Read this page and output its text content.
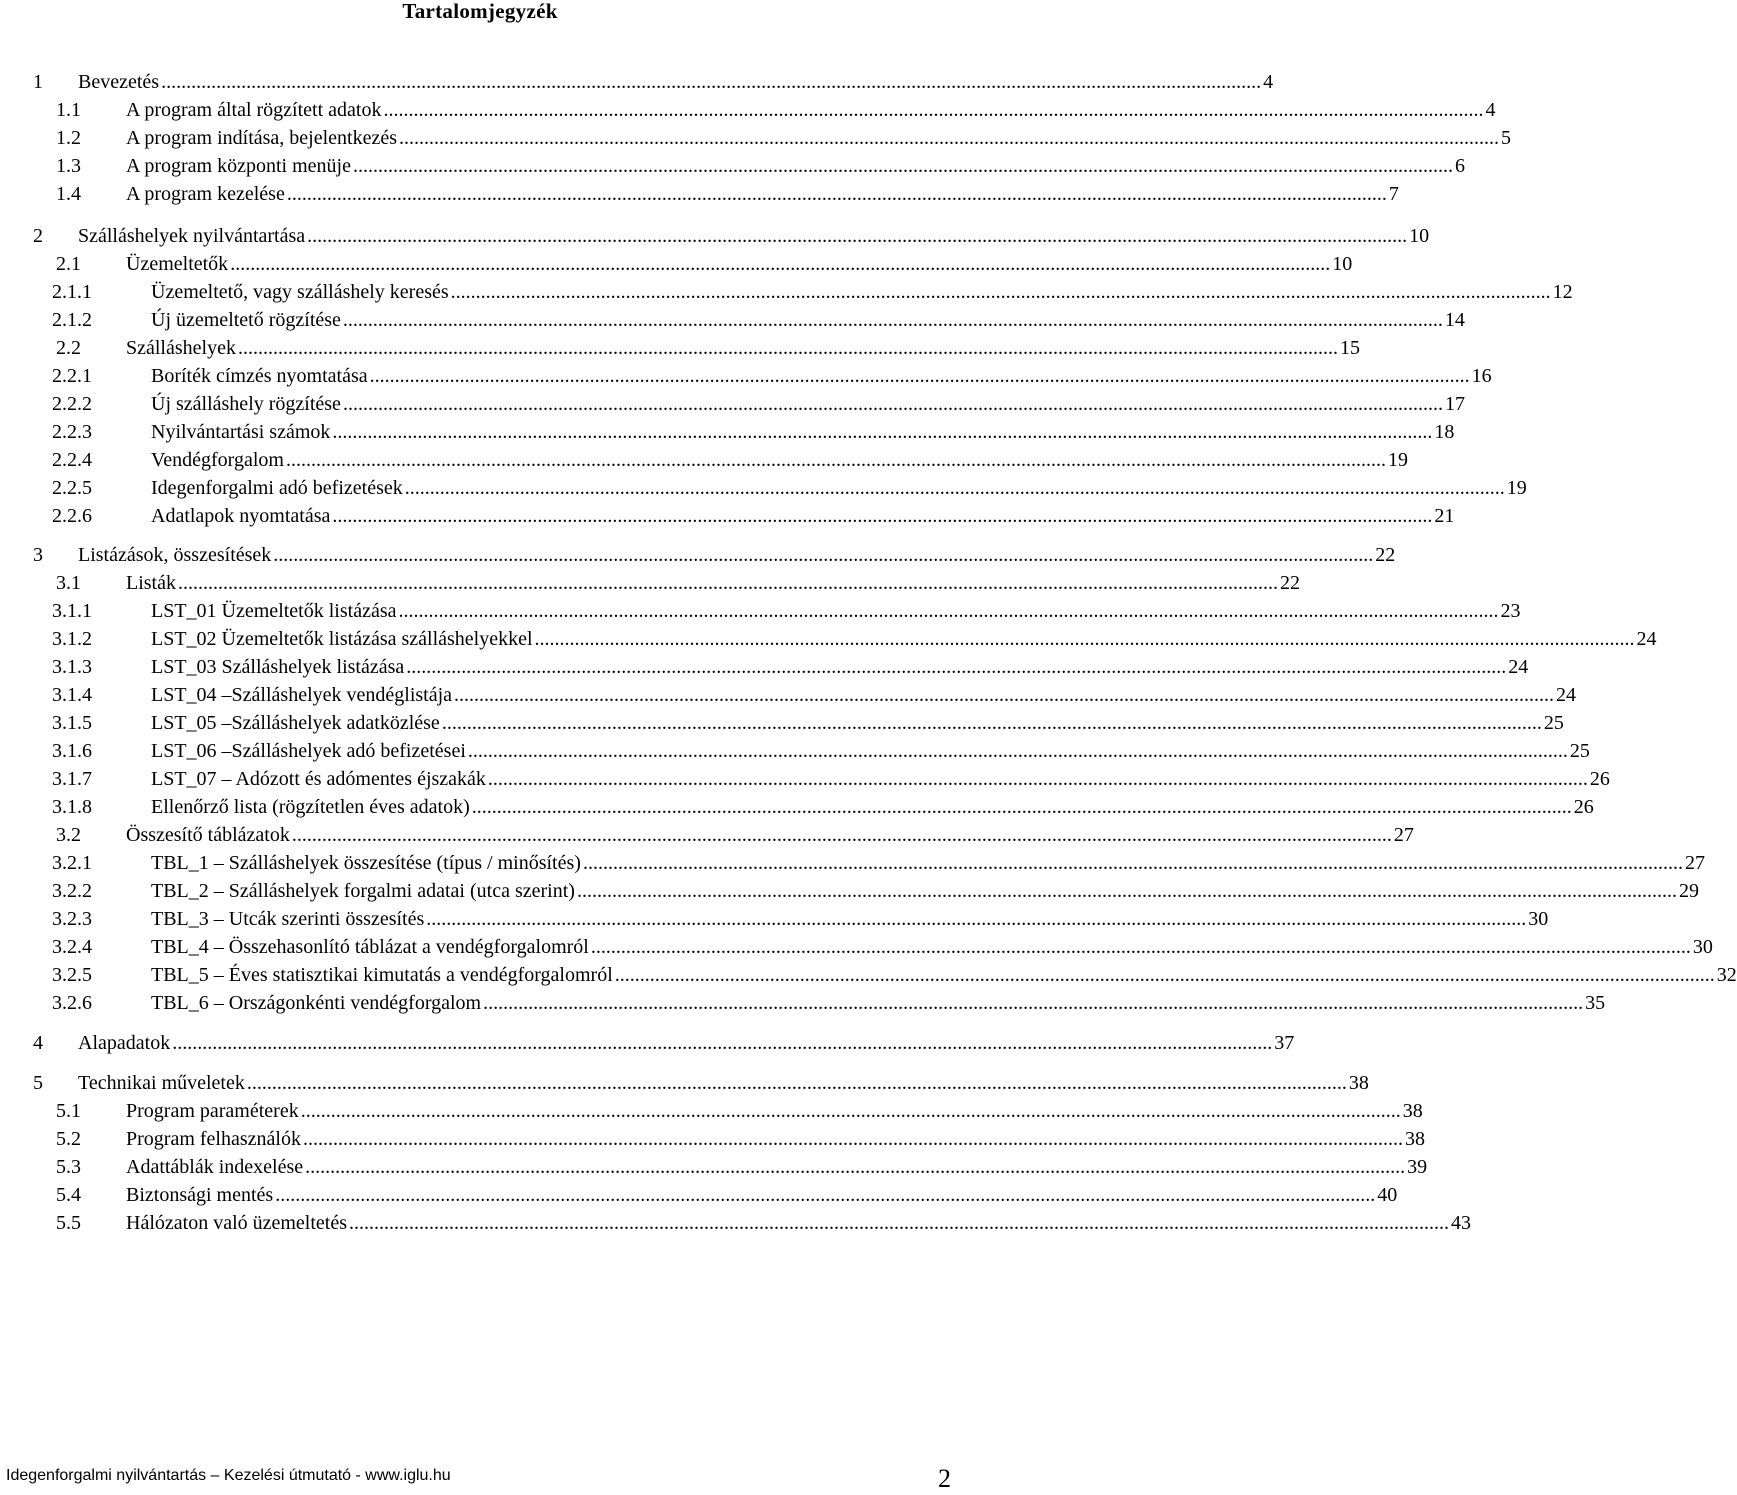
Tartalomjegyzék
1	Bevezetés ............................................................................................................................................................................................................................ 4
1.1	A program által rögzített adatok ............................................................................................................................................................................................................................ 4
1.2	A program indítása, bejelentkezés ............................................................................................................................................................................................................................ 5
1.3	A program központi menüje ............................................................................................................................................................................................................................ 6
1.4	A program kezelése ............................................................................................................................................................................................................................ 7
2	Szálláshelyek nyilvántartása ............................................................................................................................................................................................................................ 10
2.1	Üzemeltetők ............................................................................................................................................................................................................................ 10
2.1.1	Üzemeltető, vagy szálláshely keresés ............................................................................................................................................................................................................................ 12
2.1.2	Új üzemeltető rögzítése ............................................................................................................................................................................................................................ 14
2.2	Szálláshelyek ............................................................................................................................................................................................................................ 15
2.2.1	Boríték címzés nyomtatása ............................................................................................................................................................................................................................ 16
2.2.2	Új szálláshely rögzítése ............................................................................................................................................................................................................................ 17
2.2.3	Nyilvántartási számok ............................................................................................................................................................................................................................ 18
2.2.4	Vendégforgalom ............................................................................................................................................................................................................................ 19
2.2.5	Idegenforgalmi adó befizetések ............................................................................................................................................................................................................................ 19
2.2.6	Adatlapok nyomtatása ............................................................................................................................................................................................................................ 21
3	Listázások, összesítések ............................................................................................................................................................................................................................ 22
3.1	Listák ............................................................................................................................................................................................................................ 22
3.1.1	LST_01 Üzemeltetők listázása ............................................................................................................................................................................................................................ 23
3.1.2	LST_02 Üzemeltetők listázása szálláshelyekkel ............................................................................................................................................................................................................................ 24
3.1.3	LST_03 Szálláshelyek listázása ............................................................................................................................................................................................................................ 24
3.1.4	LST_04 –Szálláshelyek vendéglistája ............................................................................................................................................................................................................................ 24
3.1.5	LST_05 –Szálláshelyek adatközlése ............................................................................................................................................................................................................................ 25
3.1.6	LST_06 –Szálláshelyek adó befizetései ............................................................................................................................................................................................................................ 25
3.1.7	LST_07 – Adózott és adómentes éjszakák ............................................................................................................................................................................................................................ 26
3.1.8	Ellenőrző lista (rögzítetlen éves adatok) ............................................................................................................................................................................................................................ 26
3.2	Összesítő táblázatok ............................................................................................................................................................................................................................ 27
3.2.1	TBL_1 – Szálláshelyek összesítése (típus / minősítés) ............................................................................................................................................................................................................................ 27
3.2.2	TBL_2 – Szálláshelyek forgalmi adatai (utca szerint) ............................................................................................................................................................................................................................ 29
3.2.3	TBL_3 – Utcák szerinti összesítés ............................................................................................................................................................................................................................ 30
3.2.4	TBL_4 – Összehasonlító táblázat a vendégforgalomról ............................................................................................................................................................................................................................ 30
3.2.5	TBL_5 – Éves statisztikai kimutatás a vendégforgalomról ............................................................................................................................................................................................................................ 32
3.2.6	TBL_6 – Országonkénti vendégforgalom ............................................................................................................................................................................................................................ 35
4	Alapadatok ............................................................................................................................................................................................................................ 37
5	Technikai műveletek ............................................................................................................................................................................................................................ 38
5.1	Program paraméterek ............................................................................................................................................................................................................................ 38
5.2	Program felhasználók ............................................................................................................................................................................................................................ 38
5.3	Adattáblák indexelése ............................................................................................................................................................................................................................ 39
5.4	Biztonsági mentés ............................................................................................................................................................................................................................ 40
5.5	Hálózaton való üzemeltetés ............................................................................................................................................................................................................................ 43
Idegenforgalmi nyilvántartás – Kezelési útmutató - www.iglu.hu	2
